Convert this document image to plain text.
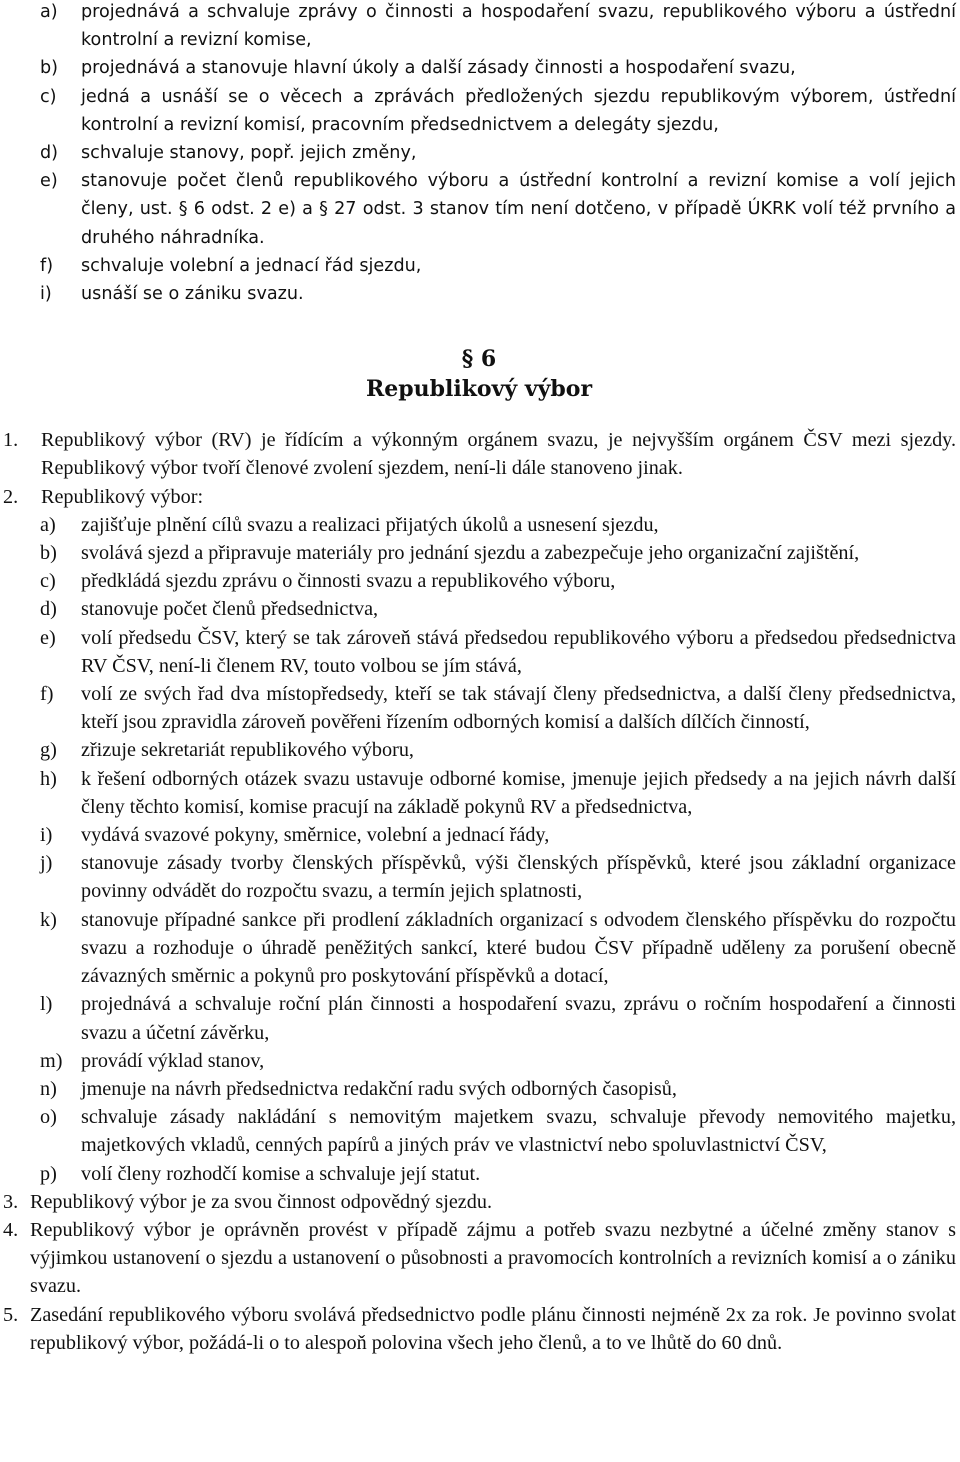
a)	projednává a schvaluje zprávy o činnosti a hospodaření svazu, republikového výboru a ústřední kontrolní a revizní komise,
b)	projednává a stanovuje hlavní úkoly a další zásady činnosti a hospodaření svazu,
c)	jedná a usnáší se o věcech a zprávách předložených sjezdu republikovým výborem, ústřední kontrolní a revizní komisí, pracovním předsednictvem a delegáty sjezdu,
d)	schvaluje stanovy, popř. jejich změny,
e)	stanovuje počet členů republikového výboru a ústřední kontrolní a revizní komise a volí jejich členy, ust. § 6 odst. 2 e) a § 27 odst. 3 stanov tím není dotčeno, v případě ÚKRK volí též prvního a druhého náhradníka.
f)	schvaluje volební a jednací řád sjezdu,
i)	usnáší se o zániku svazu.
§ 6
Republikový výbor
1.	Republikový výbor (RV) je řídícím a výkonným orgánem svazu, je nejvyšším orgánem ČSV mezi sjezdy. Republikový výbor tvoří členové zvolení sjezdem, není-li dále stanoveno jinak.
2.	Republikový výbor:
a)	zajišťuje plnění cílů svazu a realizaci přijatých úkolů a usnesení sjezdu,
b)	svolává sjezd a připravuje materiály pro jednání sjezdu a zabezpečuje jeho organizační zajištění,
c)	předkládá sjezdu zprávu o činnosti svazu a republikového výboru,
d)	stanovuje počet členů předsednictva,
e)	volí předsedu ČSV, který se tak zároveň stává předsedou republikového výboru a předsedou předsednictva RV ČSV, není-li členem RV, touto volbou se jím stává,
f)	volí ze svých řad dva místopředsedy, kteří se tak stávají členy předsednictva, a další členy předsednictva, kteří jsou zpravidla zároveň pověřeni řízením odborných komisí a dalších dílčích činností,
g)	zřizuje sekretariát republikového výboru,
h)	k řešení odborných otázek svazu ustavuje odborné komise, jmenuje jejich předsedy a na jejich návrh další členy těchto komisí, komise pracují na základě pokynů RV a předsednictva,
i)	vydává svazové pokyny, směrnice, volební a jednací řády,
j)	stanovuje zásady tvorby členských příspěvků, výši členských příspěvků, které jsou základní organizace povinny odvádět do rozpočtu svazu, a termín jejich splatnosti,
k)	stanovuje případné sankce při prodlení základních organizací s odvodem členského příspěvku do rozpočtu svazu a rozhoduje o úhradě peněžitých sankcí, které budou ČSV případně uděleny za porušení obecně závazných směrnic a pokynů pro poskytování příspěvků a dotací,
l)	projednává a schvaluje roční plán činnosti a hospodaření svazu, zprávu o ročním hospodaření a činnosti svazu a účetní závěrku,
m) provádí výklad stanov,
n)	jmenuje na návrh předsednictva redakční radu svých odborných časopisů,
o)	schvaluje zásady nakládání s nemovitým majetkem svazu, schvaluje převody nemovitého majetku, majetkových vkladů, cenných papírů a jiných práv ve vlastnictví nebo spoluvlastnictví ČSV,
p)	volí členy rozhodčí komise a schvaluje její statut.
3. Republikový výbor je za svou činnost odpovědný sjezdu.
4. Republikový výbor je oprávněn provést v případě zájmu a potřeb svazu nezbytné a účelné změny stanov s výjimkou ustanovení o sjezdu a ustanovení o působnosti a pravomocích kontrolních a revizních komisí a o zániku svazu.
5. Zasedání republikového výboru svolává předsednictvo podle plánu činnosti nejméně 2x za rok. Je povinno svolat republikový výbor, požádá-li o to alespoň polovina všech jeho členů, a to ve lhůtě do 60 dnů.
